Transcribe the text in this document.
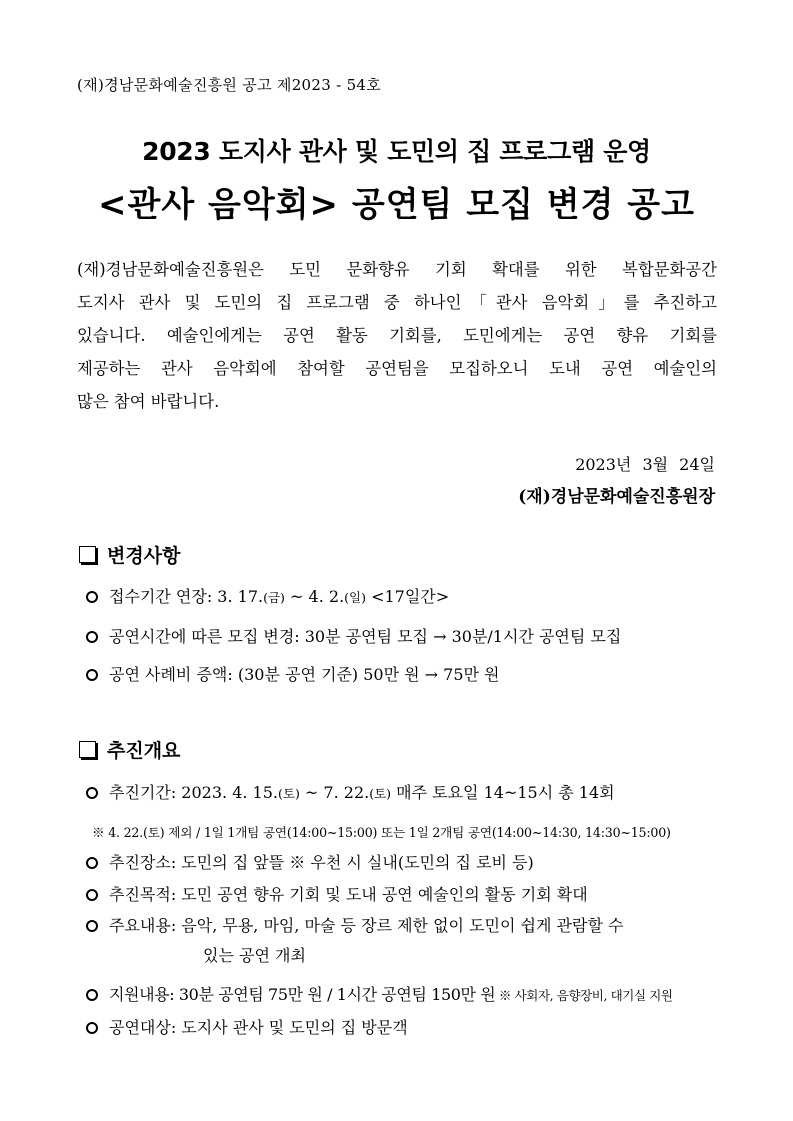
(재)경남문화예술진흥원 공고 제2023 - 54호
2023 도지사 관사 및 도민의 집 프로그램 운영
<관사 음악회> 공연팀 모집 변경 공고
(재)경남문화예술진흥원은 도민 문화향유 기회 확대를 위한 복합문화공간
도지사 관사 및 도민의 집 프로그램 중 하나인「관사 음악회」를 추진하고
있습니다. 예술인에게는 공연 활동 기회를, 도민에게는 공연 향유 기회를
제공하는 관사 음악회에 참여할 공연팀을 모집하오니 도내 공연 예술인의
많은 참여 바랍니다.
2023년 3월 24일
(재)경남문화예술진흥원장
변경사항
접수기간 연장: 3. 17.(금) ~ 4. 2.(일) <17일간>
공연시간에 따른 모집 변경: 30분 공연팀 모집 → 30분/1시간 공연팀 모집
공연 사례비 증액: (30분 공연 기준) 50만 원 → 75만 원
추진개요
추진기간: 2023. 4. 15.(토) ~ 7. 22.(토) 매주 토요일 14~15시 총 14회
※ 4. 22.(토) 제외 / 1일 1개팀 공연(14:00~15:00) 또는 1일 2개팀 공연(14:00~14:30, 14:30~15:00)
추진장소: 도민의 집 앞뜰 ※ 우천 시 실내(도민의 집 로비 등)
추진목적: 도민 공연 향유 기회 및 도내 공연 예술인의 활동 기회 확대
주요내용: 음악, 무용, 마임, 마술 등 장르 제한 없이 도민이 쉽게 관람할 수
있는 공연 개최
지원내용: 30분 공연팀 75만 원 / 1시간 공연팀 150만 원 ※ 사회자, 음향장비, 대기실 지원
공연대상: 도지사 관사 및 도민의 집 방문객
